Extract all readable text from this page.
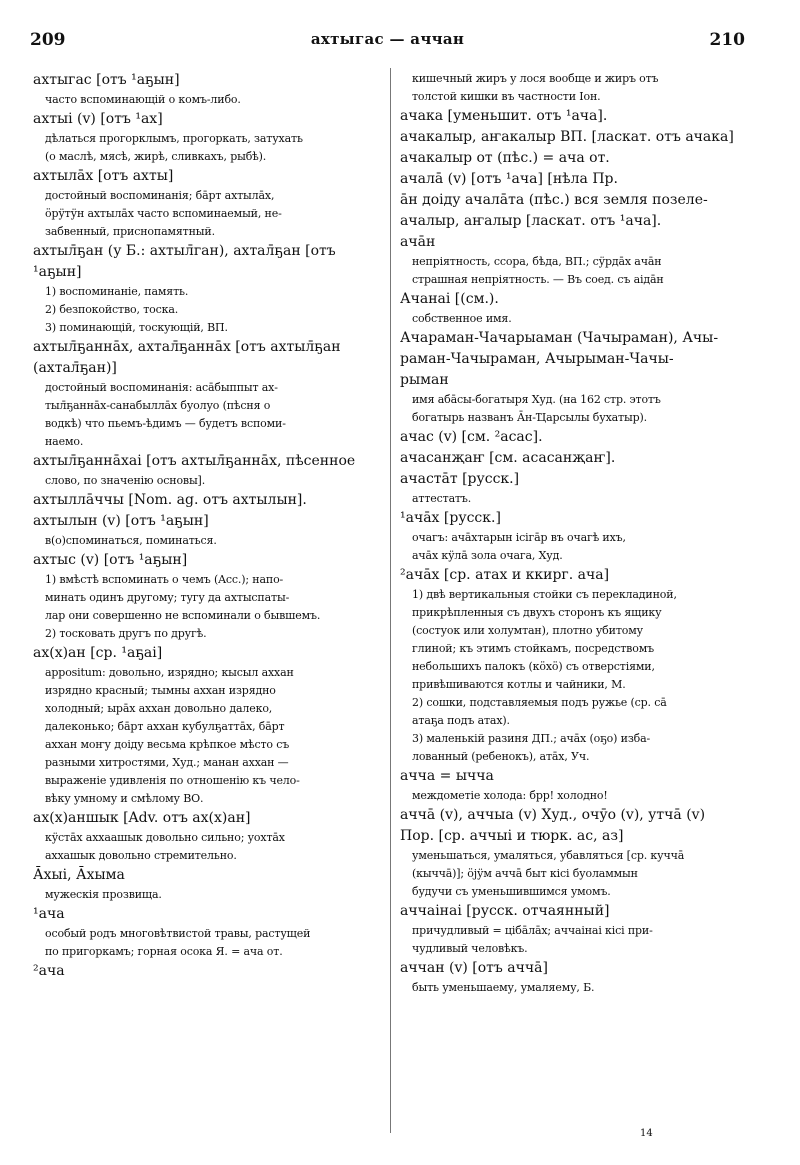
209	ахтыгас — аччан	210

ахтыгас [отъ ¹аҕын]

часто вспоминающій о комъ-либо.

ахтыі (v) [отъ ¹ах]

дѣлаться прогорклымъ, прогоркать, затухать

(о маслѣ, мясѣ, жирѣ, сливкахъ, рыбѣ).

ахтыла̄х [отъ ахты]

достойный воспоминанія; ба̄рт ахтыла̄х,

ӧрӱтӱн ахтыла̄х часто вспоминаемый, не-

забвенный, приснопамятный.

ахтыл̄ҕан (у Б.: ахтыл̄ган), ахтал̄ҕан [отъ

¹аҕын]

1) воспоминаніе, память.

2) безпокойство, тоска.

3) поминающій, тоскующій, ВП.

ахтыл̄ҕанна̄х, ахтал̄ҕанна̄х [отъ ахтыл̄ҕан

(ахтал̄ҕан)]

достойный воспоминанія: аса̄быппыт ах-

тыл̄ҕанна̄х-санабылла̄х буолуо (пѣсня о

водкѣ) что пьемъ-ѣдимъ — будетъ вспоми-

наемо.

ахтыл̄ҕанна̄хаі [отъ ахтыл̄ҕанна̄х, пѣсенное

слово, по значенію основы].

ахтылла̄ччы [Nom. ag. отъ ахтылын].

ахтылын (v) [отъ ¹аҕын]

в(о)споминаться, поминаться.

ахтыс (v) [отъ ¹аҕын]

1) вмѣстѣ вспоминать о чемъ (Acc.); напо-

минать одинъ другому; тугу да ахтыспаты-

лар они совершенно не вспоминали о бывшемъ.

2) тосковать другъ по другѣ.

ах(х)ан [ср. ¹аҕаі]

appositum: довольно, изрядно; кысыл аххан

изрядно красный; тымны аххан изрядно

холодный; ыра̄х аххан довольно далеко,

далеконько; ба̄рт аххан кубулҕатта̄х, ба̄рт

аххан моҥу доіду весьма крѣпкое мѣсто съ

разными хитростями, Худ.; манан аххан —

выраженіе удивленія по отношенію къ чело-

вѣку умному и смѣлому ВО.

ах(х)аншык [Adv. отъ ах(х)ан]

кӱста̄х аххаашык довольно сильно; уохта̄х

аххашык довольно стремительно.

А̄хыі, А̄хыма

мужескія прозвища.

¹ача

особый родъ многовѣтвистой травы, растущей

по пригоркамъ; горная осока Я. = ача от.

²ача

кишечный жиръ у лося вообще и жиръ отъ

толстой кишки въ частности Іон.

ачака [уменьшит. отъ ¹ача].

ачакалыр, аҥакалыр ВП. [ласкат. отъ ачака]

ачакалыр от (пѣс.) = ача от.

ачала̄ (v) [отъ ¹ача] [нѣла Пр.

а̄н доіду ачала̄та (пѣс.) вся земля позеле-

ачалыр, аҥалыр [ласкат. отъ ¹ача].

ача̄н

непріятность, ссора, бѣда, ВП.; сӱрда̄х ача̄н

страшная непріятность. — Въ соед. съ аіда̄н

Ачанаі [(см.).

собственное имя.

Ачараман-Чачарыаман (Чачыраман), Ачы-

раман-Чачыраман, Ачырыман-Чачы-

рыман

имя аба̄сы-богатыря Худ. (на 162 стр. этотъ

богатырь названъ А̄н-Ҵарсылы бухатыр).

ачас (v) [см. ²асас].

ачасанҗаҥ [см. асасанҗаҥ].

ачаста̄т [русск.]

аттестатъ.

¹ача̄х [русск.]

очагъ: ача̄хтарын ісіга̄р въ очагѣ ихъ,

ача̄х кӱла̄ зола очага, Худ.

²ача̄х [ср. атах и ккирг. ача]

1) двѣ вертикальныя стойки съ перекладиной,

прикрѣпленныя съ двухъ сторонъ къ ящику

(состуок или холумтан), плотно убитому

глиной; къ этимъ стойкамъ, посредствомъ

небольшихъ палокъ (кӧхӧ) съ отверстіями,

привѣшиваются котлы и чайники, М.

2) сошки, подставляемыя подъ ружье (ср. са̄

атаҕа подъ атах).

3) маленькій разиня ДП.; ача̄х (оҕо) изба-

лованный (ребенокъ), ата̄х, Уч.

ачча = ычча

междометіе холода: брр! холодно!

аччā (v), аччыа (v) Худ., очӯо (v), утча̄ (v)

Пор. [ср. аччыі и тюрк. ас, аз]

уменьшаться, умаляться, убавляться [ср. куччā

(кычча̄)]; ӧјӱм аччā быт кісі буоламмын

будучи съ уменьшившимся умомъ.

аччаінаі [русск. отчаянный]

причудливый = ціба̄ла̄х; аччаінаі кісі при-

чудливый человѣкъ.

аччан (v) [отъ аччā]

быть уменьшаему, умаляему, Б.

14
